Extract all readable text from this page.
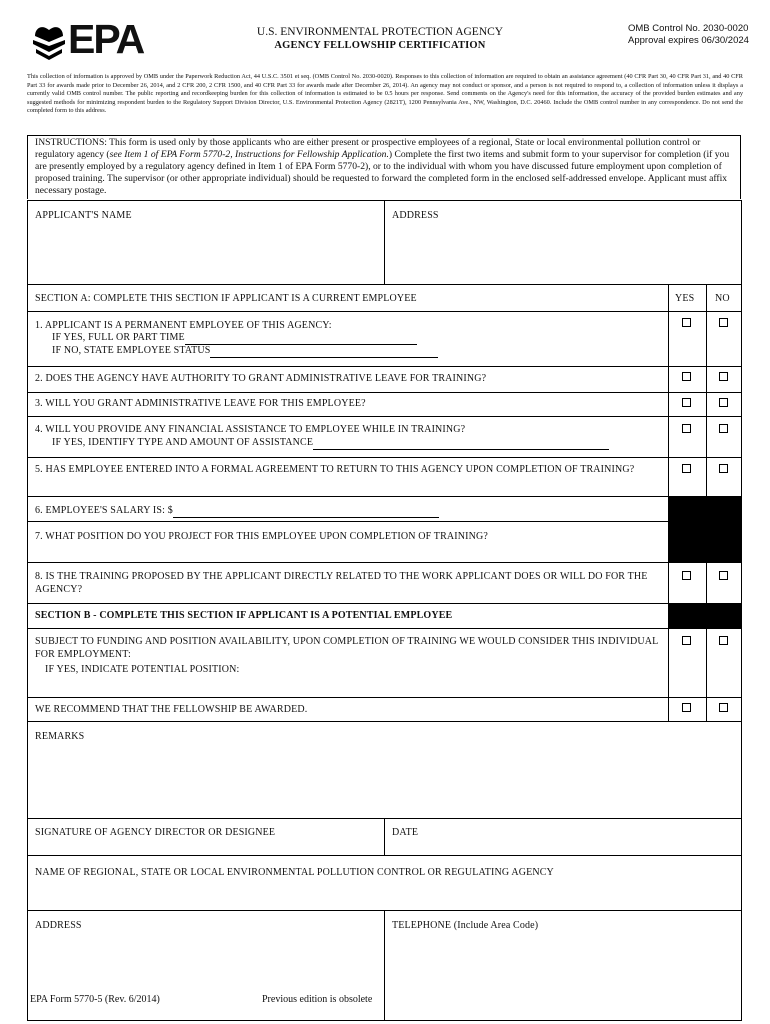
EPA	U.S. ENVIRONMENTAL PROTECTION AGENCY
AGENCY FELLOWSHIP CERTIFICATION
OMB Control No. 2030-0020
Approval expires 06/30/2024
This collection of information is approved by OMB under the Paperwork Reduction Act, 44 U.S.C. 3501 et seq. (OMB Control No. 2030-0020). Responses to this collection of information are required to obtain an assistance agreement (40 CFR Part 30, 40 CFR Part 31, and 40 CFR Part 33 for awards made prior to December 26, 2014, and 2 CFR 200, 2 CFR 1500, and 40 CFR Part 33 for awards made after December 26, 2014). An agency may not conduct or sponsor, and a person is not required to respond to, a collection of information unless it displays a currently valid OMB control number. The public reporting and recordkeeping burden for this collection of information is estimated to be 0.5 hours per response. Send comments on the Agency's need for this information, the accuracy of the provided burden estimates and any suggested methods for minimizing respondent burden to the Regulatory Support Division Director, U.S. Environmental Protection Agency (2821T), 1200 Pennsylvania Ave., NW, Washington, D.C. 20460. Include the OMB control number in any correspondence. Do not send the completed form to this address.
INSTRUCTIONS: This form is used only by those applicants who are either present or prospective employees of a regional, State or local environmental pollution control or regulatory agency (see Item 1 of EPA Form 5770-2, Instructions for Fellowship Application.) Complete the first two items and submit form to your supervisor for completion (if you are presently employed by a regulatory agency defined in Item 1 of EPA Form 5770-2), or to the individual with whom you have discussed future employment upon completion of proposed training. The supervisor (or other appropriate individual) should be requested to forward the completed form in the enclosed self-addressed envelope. Applicant must affix necessary postage.
APPLICANT'S NAME	ADDRESS
SECTION A: COMPLETE THIS SECTION IF APPLICANT IS A CURRENT EMPLOYEE	YES NO
1. APPLICANT IS A PERMANENT EMPLOYEE OF THIS AGENCY:
IF YES, FULL OR PART TIME
IF NO, STATE EMPLOYEE STATUS
2. DOES THE AGENCY HAVE AUTHORITY TO GRANT ADMINISTRATIVE LEAVE FOR TRAINING?
3. WILL YOU GRANT ADMINISTRATIVE LEAVE FOR THIS EMPLOYEE?
4. WILL YOU PROVIDE ANY FINANCIAL ASSISTANCE TO EMPLOYEE WHILE IN TRAINING?
IF YES, IDENTIFY TYPE AND AMOUNT OF ASSISTANCE
5. HAS EMPLOYEE ENTERED INTO A FORMAL AGREEMENT TO RETURN TO THIS AGENCY UPON COMPLETION OF TRAINING?
6. EMPLOYEE'S SALARY IS: $
7. WHAT POSITION DO YOU PROJECT FOR THIS EMPLOYEE UPON COMPLETION OF TRAINING?
8. IS THE TRAINING PROPOSED BY THE APPLICANT DIRECTLY RELATED TO THE WORK APPLICANT DOES OR WILL DO FOR THE AGENCY?
SECTION B - COMPLETE THIS SECTION IF APPLICANT IS A POTENTIAL EMPLOYEE
SUBJECT TO FUNDING AND POSITION AVAILABILITY, UPON COMPLETION OF TRAINING WE WOULD CONSIDER THIS INDIVIDUAL FOR EMPLOYMENT:
IF YES, INDICATE POTENTIAL POSITION:
WE RECOMMEND THAT THE FELLOWSHIP BE AWARDED.
REMARKS
SIGNATURE OF AGENCY DIRECTOR OR DESIGNEE	DATE
NAME OF REGIONAL, STATE OR LOCAL ENVIRONMENTAL POLLUTION CONTROL OR REGULATING AGENCY
ADDRESS	TELEPHONE (Include Area Code)
EPA Form 5770-5 (Rev. 6/2014)	Previous edition is obsolete
